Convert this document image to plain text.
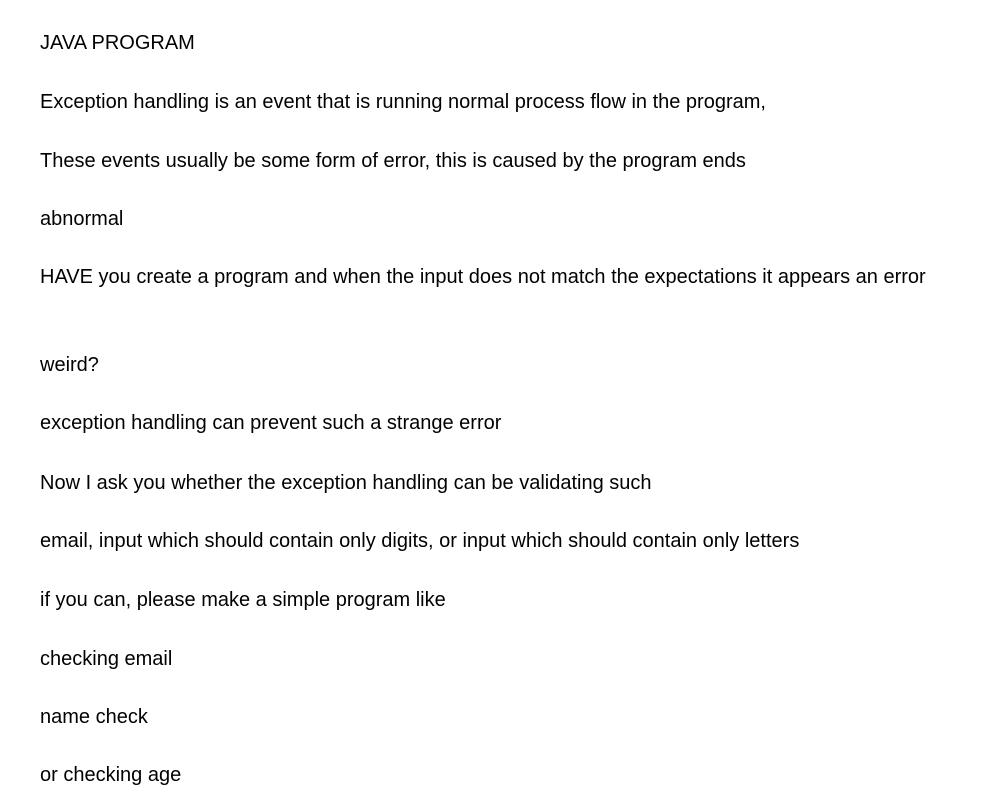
JAVA PROGRAM
Exception handling is an event that is running normal process flow in the program,
These events usually be some form of error, this is caused by the program ends
abnormal
HAVE you create a program and when the input does not match the expectations it appears an error
weird?
exception handling can prevent such a strange error
Now I ask you whether the exception handling can be validating such
email, input which should contain only digits, or input which should contain only letters
if you can, please make a simple program like
checking email
name check
or checking age
